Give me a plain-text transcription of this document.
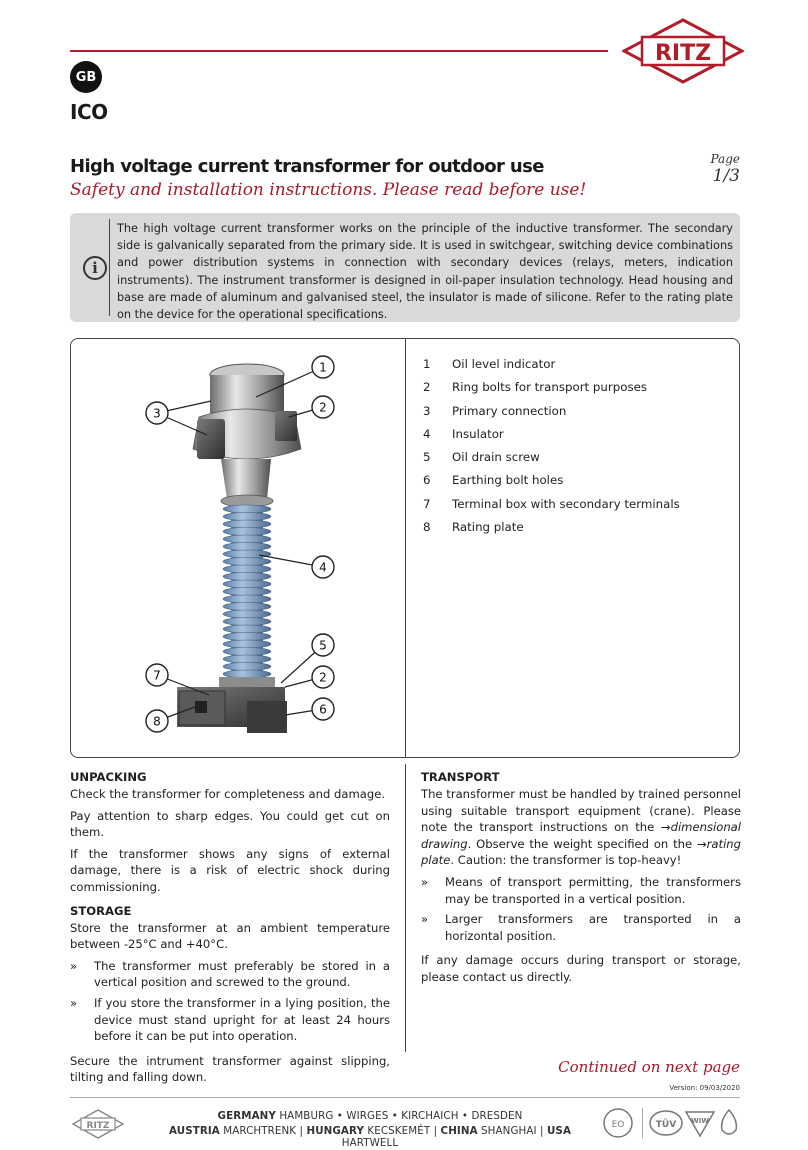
RITZ
GB
ICO
High voltage current transformer for outdoor use
Safety and installation instructions. Please read before use!
Page
1/3
i
The high voltage current transformer works on the principle of the inductive transformer. The secondary side is galvanically separated from the primary side. It is used in switchgear, switching device combinations and power distribution systems in connection with secondary devices (relays, meters, indication instruments). The instrument transformer is designed in oil-paper insulation technology. Head housing and base are made of aluminum and galvanised steel, the insulator is made of silicone. Refer to the rating plate on the device for the operational specifications.
1
3	2
4
5
7	2
8
6
1	Oil level indicator
2	Ring bolts for transport purposes
3	Primary connection
4	Insulator
5	Oil drain screw
6	Earthing bolt holes
7	Terminal box with secondary terminals
8	Rating plate
UNPACKING

Check the transformer for completeness and damage.

Pay attention to sharp edges. You could get cut on them.

If the transformer shows any signs of external damage, there is a risk of electric shock during commissioning.

STORAGE

Store the transformer at an ambient temperature between -25°C and +40°C.

» The transformer must preferably be stored in a vertical position and screwed to the ground.
» If you store the transformer in a lying position, the device must stand upright for at least 24 hours before it can be put into operation.

Secure the intrument transformer against slipping, tilting and falling down.

TRANSPORT

The transformer must be handled by trained personnel using suitable transport equipment (crane). Please note the transport instructions on the →dimensional drawing. Observe the weight specified on the →rating plate. Caution: the transformer is top-heavy!

» Means of transport permitting, the transformers may be transported in a vertical position.
» Larger transformers are transported in a horizontal position.

If any damage occurs during transport or storage, please contact us directly.

Continued on next page
Version: 09/03/2020
RITZ
GERMANY HAMBURG • WIRGES • KIRCHAICH • DRESDEN
AUSTRIA MARCHTRENK | HUNGARY KECSKEMÉT | CHINA SHANGHAI | USA HARTWELL
EO	TÜV WIW
